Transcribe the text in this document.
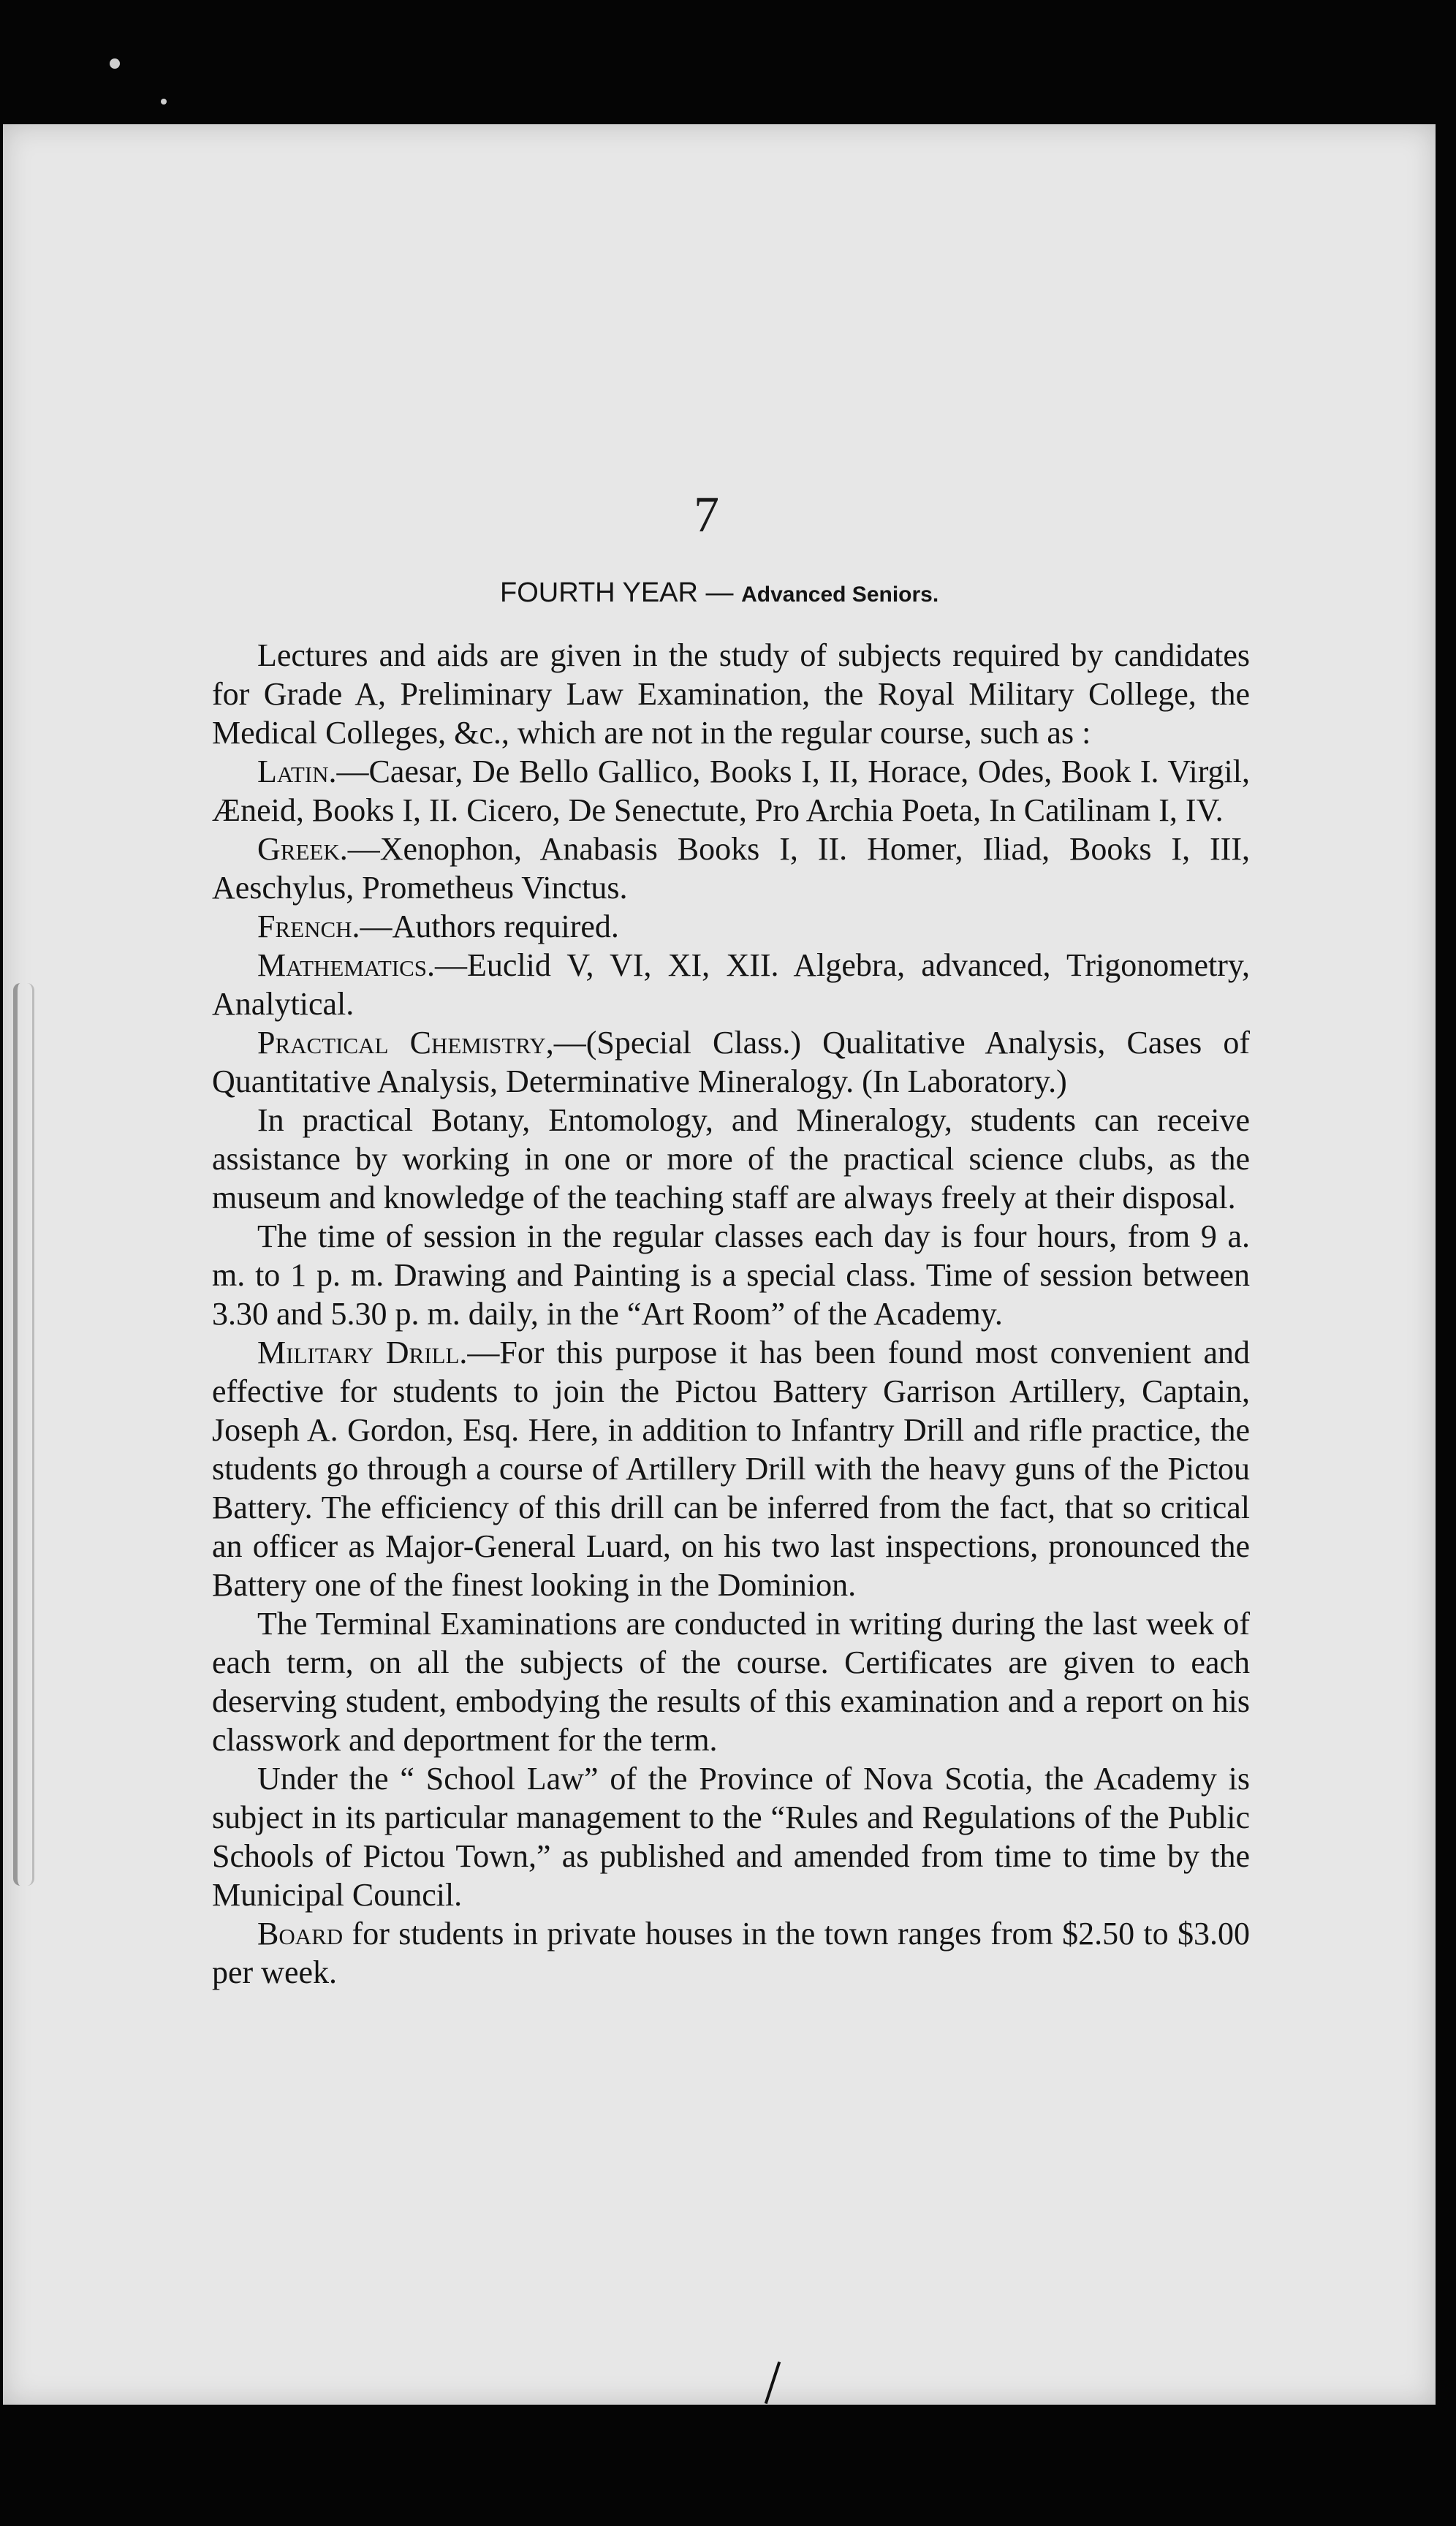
7
FOURTH YEAR — Advanced Seniors.

Lectures and aids are given in the study of subjects required by candidates for Grade A, Preliminary Law Examination, the Royal Military College, the Medical Colleges, &c., which are not in the regular course, such as :

Latin.—Caesar, De Bello Gallico, Books I, II, Horace, Odes, Book I. Virgil, Æneid, Books I, II. Cicero, De Senectute, Pro Archia Poeta, In Catilinam I, IV.

Greek.—Xenophon, Anabasis Books I, II. Homer, Iliad, Books I, III, Aeschylus, Prometheus Vinctus.

French.—Authors required.

Mathematics.—Euclid V, VI, XI, XII. Algebra, advanced, Trigonometry, Analytical.

Practical Chemistry,—(Special Class.) Qualitative Analysis, Cases of Quantitative Analysis, Determinative Mineralogy. (In Laboratory.)

In practical Botany, Entomology, and Mineralogy, students can receive assistance by working in one or more of the practical science clubs, as the museum and knowledge of the teaching staff are always freely at their disposal.

The time of session in the regular classes each day is four hours, from 9 a. m. to 1 p. m. Drawing and Painting is a special class. Time of session between 3.30 and 5.30 p. m. daily, in the “Art Room” of the Academy.

Military Drill.—For this purpose it has been found most convenient and effective for students to join the Pictou Battery Garrison Artillery, Captain, Joseph A. Gordon, Esq. Here, in addition to Infantry Drill and rifle practice, the students go through a course of Artillery Drill with the heavy guns of the Pictou Battery. The efficiency of this drill can be inferred from the fact, that so critical an officer as Major-General Luard, on his two last inspections, pronounced the Battery one of the finest looking in the Dominion.

The Terminal Examinations are conducted in writing during the last week of each term, on all the subjects of the course. Certificates are given to each deserving student, embodying the results of this examination and a report on his classwork and deportment for the term.

Under the “ School Law” of the Province of Nova Scotia, the Academy is subject in its particular management to the “Rules and Regulations of the Public Schools of Pictou Town,” as published and amended from time to time by the Municipal Council.

Board for students in private houses in the town ranges from $2.50 to $3.00 per week.
